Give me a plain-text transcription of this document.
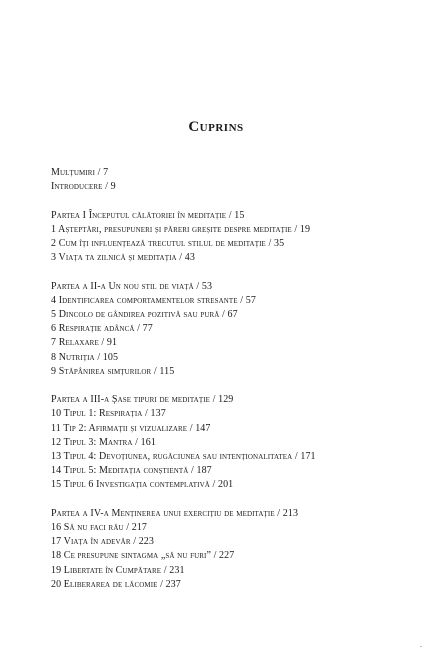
Cuprins
Mulțumiri / 7
Introducere / 9
Partea I Începutul călătoriei în meditație / 15
1 Așteptări, presupuneri și păreri greșite despre meditație / 19
2 Cum îți influențează trecutul stilul de meditație / 35
3 Viața ta zilnică și meditația / 43
Partea a II-a Un nou stil de viață / 53
4 Identificarea comportamentelor stresante / 57
5 Dincolo de gândirea pozitivă sau pură / 67
6 Respirație adâncă / 77
7 Relaxare / 91
8 Nutriția / 105
9 Stăpânirea simțurilor / 115
Partea a III-a Șase tipuri de meditație / 129
10 Tipul 1: Respirația / 137
11 Tip 2: Afirmații și vizualizare / 147
12 Tipul 3: Mantra / 161
13 Tipul 4: Devoțiunea, rugăciunea sau intenționalitatea / 171
14 Tipul 5: Meditația conștientă / 187
15 Tipul 6 Investigația contemplativă / 201
Partea a IV-a Menținerea unui exercițiu de meditație / 213
16 Să nu faci rău / 217
17 Viața în adevăr / 223
18 Ce presupune sintagma „să nu furi” / 227
19 Libertate în Cumpătare / 231
20 Eliberarea de lăcomie / 237
.
